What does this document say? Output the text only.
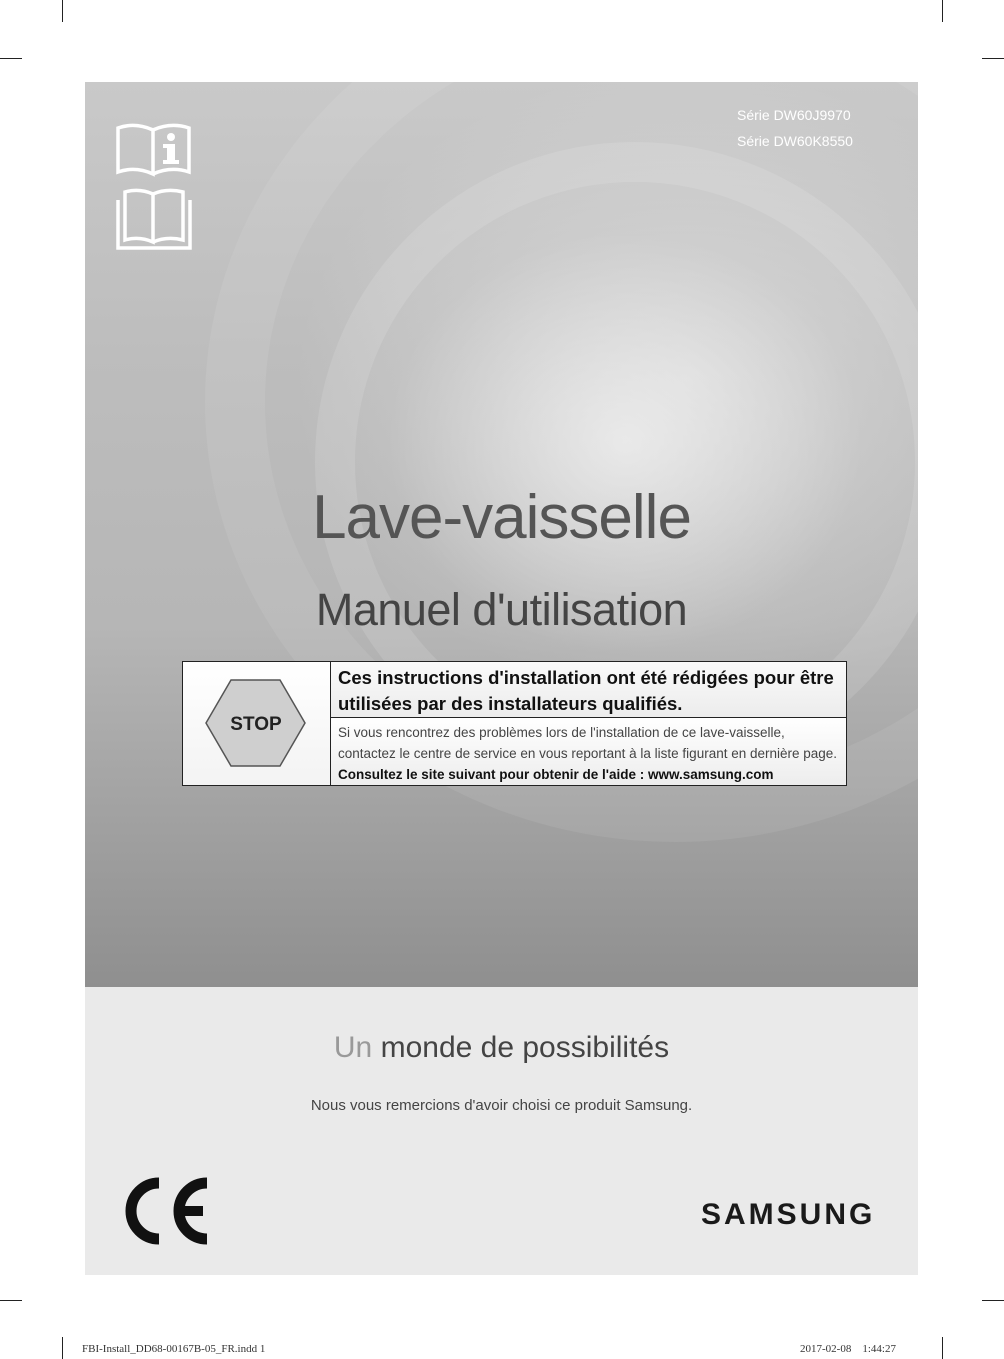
Série DW60J9970
Série DW60K8550
Lave-vaisselle
Manuel d'utilisation
STOP
Ces instructions d'installation ont été rédigées pour être utilisées par des installateurs qualifiés.
Si vous rencontrez des problèmes lors de l'installation de ce lave-vaisselle, contactez le centre de service en vous reportant à la liste figurant en dernière page. Consultez le site suivant pour obtenir de l'aide : www.samsung.com
Un monde de possibilités
Nous vous remercions d'avoir choisi ce produit Samsung.
SAMSUNG
FBI-Install_DD68-00167B-05_FR.indd 1	2017-02-08    1:44:27
